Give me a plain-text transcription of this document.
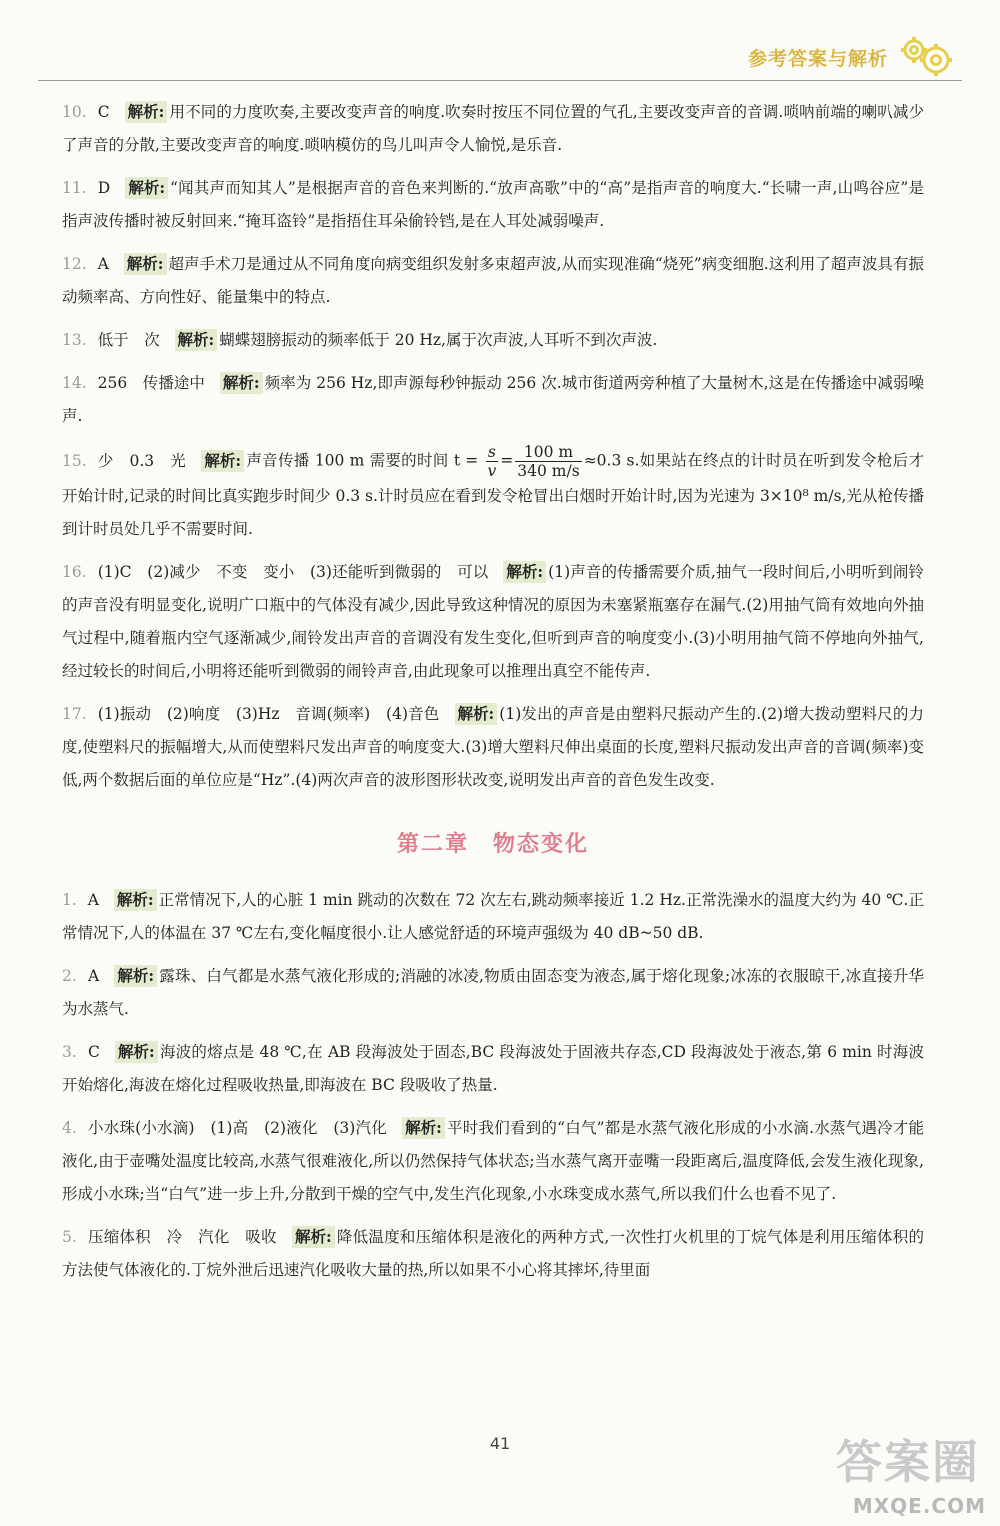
参考答案与解析

10. C 解析: 用不同的力度吹奏,主要改变声音的响度.吹奏时按压不同位置的气孔,主要改变声音的音调.唢呐前端的喇叭减少了声音的分散,主要改变声音的响度.唢呐模仿的鸟儿叫声令人愉悦,是乐音.

11. D 解析: “闻其声而知其人”是根据声音的音色来判断的.“放声高歌”中的“高”是指声音的响度大.“长啸一声,山鸣谷应”是指声波传播时被反射回来.“掩耳盗铃”是指捂住耳朵偷铃铛,是在人耳处减弱噪声.

12. A 解析: 超声手术刀是通过从不同角度向病变组织发射多束超声波,从而实现准确“烧死”病变细胞.这利用了超声波具有振动频率高、方向性好、能量集中的特点.

13. 低于　次 解析: 蝴蝶翅膀振动的频率低于 20 Hz,属于次声波,人耳听不到次声波.

14. 256　传播途中 解析: 频率为 256 Hz,即声源每秒钟振动 256 次.城市街道两旁种植了大量树木,这是在传播途中减弱噪声.

15. 少　0.3　光 解析: 声音传播 100 m 需要的时间 $t = \frac{s}{v} = \frac{100 m}{340 m/s} \approx 0.3$ s.如果站在终点的计时员在听到发令枪后才开始计时,记录的时间比真实跑步时间少 0.3 s.计时员应在看到发令枪冒出白烟时开始计时,因为光速为 3×10⁸ m/s,光从枪传播到计时员处几乎不需要时间.

16. (1)C　(2)减少　不变　变小　(3)还能听到微弱的　可以 解析: (1)声音的传播需要介质,抽气一段时间后,小明听到闹铃的声音没有明显变化,说明广口瓶中的气体没有减少,因此导致这种情况的原因为未塞紧瓶塞存在漏气.(2)用抽气筒有效地向外抽气过程中,随着瓶内空气逐渐减少,闹铃发出声音的音调没有发生变化,但听到声音的响度变小.(3)小明用抽气筒不停地向外抽气,经过较长的时间后,小明将还能听到微弱的闹铃声音,由此现象可以推理出真空不能传声.

17. (1)振动　(2)响度　(3)Hz　音调(频率)　(4)音色 解析: (1)发出的声音是由塑料尺振动产生的.(2)增大拨动塑料尺的力度,使塑料尺的振幅增大,从而使塑料尺发出声音的响度变大.(3)增大塑料尺伸出桌面的长度,塑料尺振动发出声音的音调(频率)变低,两个数据后面的单位应是“Hz”.(4)两次声音的波形图形状改变,说明发出声音的音色发生改变.

第二章　物态变化

1. A 解析: 正常情况下,人的心脏 1 min 跳动的次数在 72 次左右,跳动频率接近 1.2 Hz.正常洗澡水的温度大约为 40 ℃.正常情况下,人的体温在 37 ℃左右,变化幅度很小.让人感觉舒适的环境声强级为 40 dB~50 dB.

2. A 解析: 露珠、白气都是水蒸气液化形成的;消融的冰凌,物质由固态变为液态,属于熔化现象;冰冻的衣服晾干,冰直接升华为水蒸气.

3. C 解析: 海波的熔点是 48 ℃,在 AB 段海波处于固态,BC 段海波处于固液共存态,CD 段海波处于液态,第 6 min 时海波开始熔化,海波在熔化过程吸收热量,即海波在 BC 段吸收了热量.

4. 小水珠(小水滴)　(1)高　(2)液化　(3)汽化 解析: 平时我们看到的“白气”都是水蒸气液化形成的小水滴.水蒸气遇冷才能液化,由于壶嘴处温度比较高,水蒸气很难液化,所以仍然保持气体状态;当水蒸气离开壶嘴一段距离后,温度降低,会发生液化现象,形成小水珠;当“白气”进一步上升,分散到干燥的空气中,发生汽化现象,小水珠变成水蒸气,所以我们什么也看不见了.

5. 压缩体积　冷　汽化　吸收 解析: 降低温度和压缩体积是液化的两种方式,一次性打火机里的丁烷气体是利用压缩体积的方法使气体液化的.丁烷外泄后迅速汽化吸收大量的热,所以如果不小心将其摔坏,待里面

41	答案圈
MXQE.COM
